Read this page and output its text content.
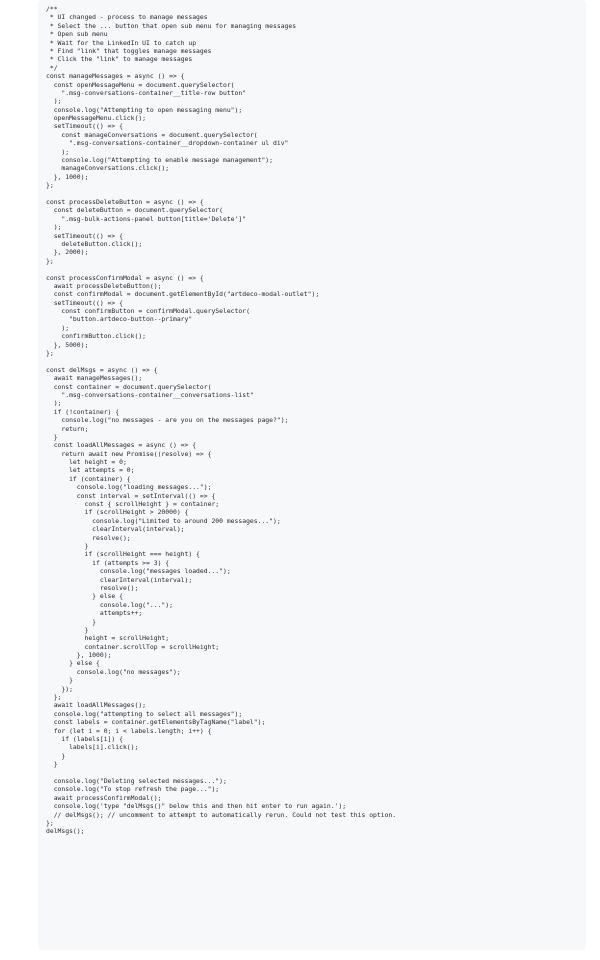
/**
* UI changed - process to manage messages
* Select the ... button that open sub menu for managing messages
* Open sub menu
* Wait for the LinkedIn UI to catch up
* Find "link" that toggles manage messages
* Click the "link" to manage messages
*/
const manageMessages = async () => {
const openMessageMenu = document.querySelector(
".msg-conversations-container__title-row button"
);
console.log("Attempting to open messaging menu");
openMessageMenu.click();
setTimeout(() => {
const manageConversations = document.querySelector(
".msg-conversations-container__dropdown-container ul div"
);
console.log("Attempting to enable message management");
manageConversations.click();
}, 1000);
};
const processDeleteButton = async () => {
const deleteButton = document.querySelector(
".msg-bulk-actions-panel button[title='Delete']"
);
setTimeout(() => {
deleteButton.click();
}, 2000);
};
const processConfirmModal = async () => {
await processDeleteButton();
const confirmModal = document.getElementById("artdeco-modal-outlet");
setTimeout(() => {
const confirmButton = confirmModal.querySelector(
"button.artdeco-button--primary"
);
confirmButton.click();
}, 5000);
};
const delMsgs = async () => {
await manageMessages();
const container = document.querySelector(
".msg-conversations-container__conversations-list"
);
if (!container) {
console.log("no messages - are you on the messages page?");
return;
}
const loadAllMessages = async () => {
return await new Promise((resolve) => {
let height = 0;
let attempts = 0;
if (container) {
console.log("loading messages...");
const interval = setInterval(() => {
const { scrollHeight } = container;
if (scrollHeight > 20000) {
console.log("Limited to around 200 messages...");
clearInterval(interval);
resolve();
}
if (scrollHeight === height) {
if (attempts >= 3) {
console.log("messages loaded...");
clearInterval(interval);
resolve();
} else {
console.log("...");
attempts++;
}
}
height = scrollHeight;
container.scrollTop = scrollHeight;
}, 1000);
} else {
console.log("no messages");
}
});
};
await loadAllMessages();
console.log("attempting to select all messages");
const labels = container.getElementsByTagName("label");
for (let i = 0; i < labels.length; i++) {
if (labels[i]) {
labels[i].click();
}
}
console.log("Deleting selected messages...");
console.log("To stop refresh the page...");
await processConfirmModal();
console.log('type "delMsgs()" below this and then hit enter to run again.');
// delMsgs(); // uncomment to attempt to automatically rerun. Could not test this option.
};
delMsgs();
